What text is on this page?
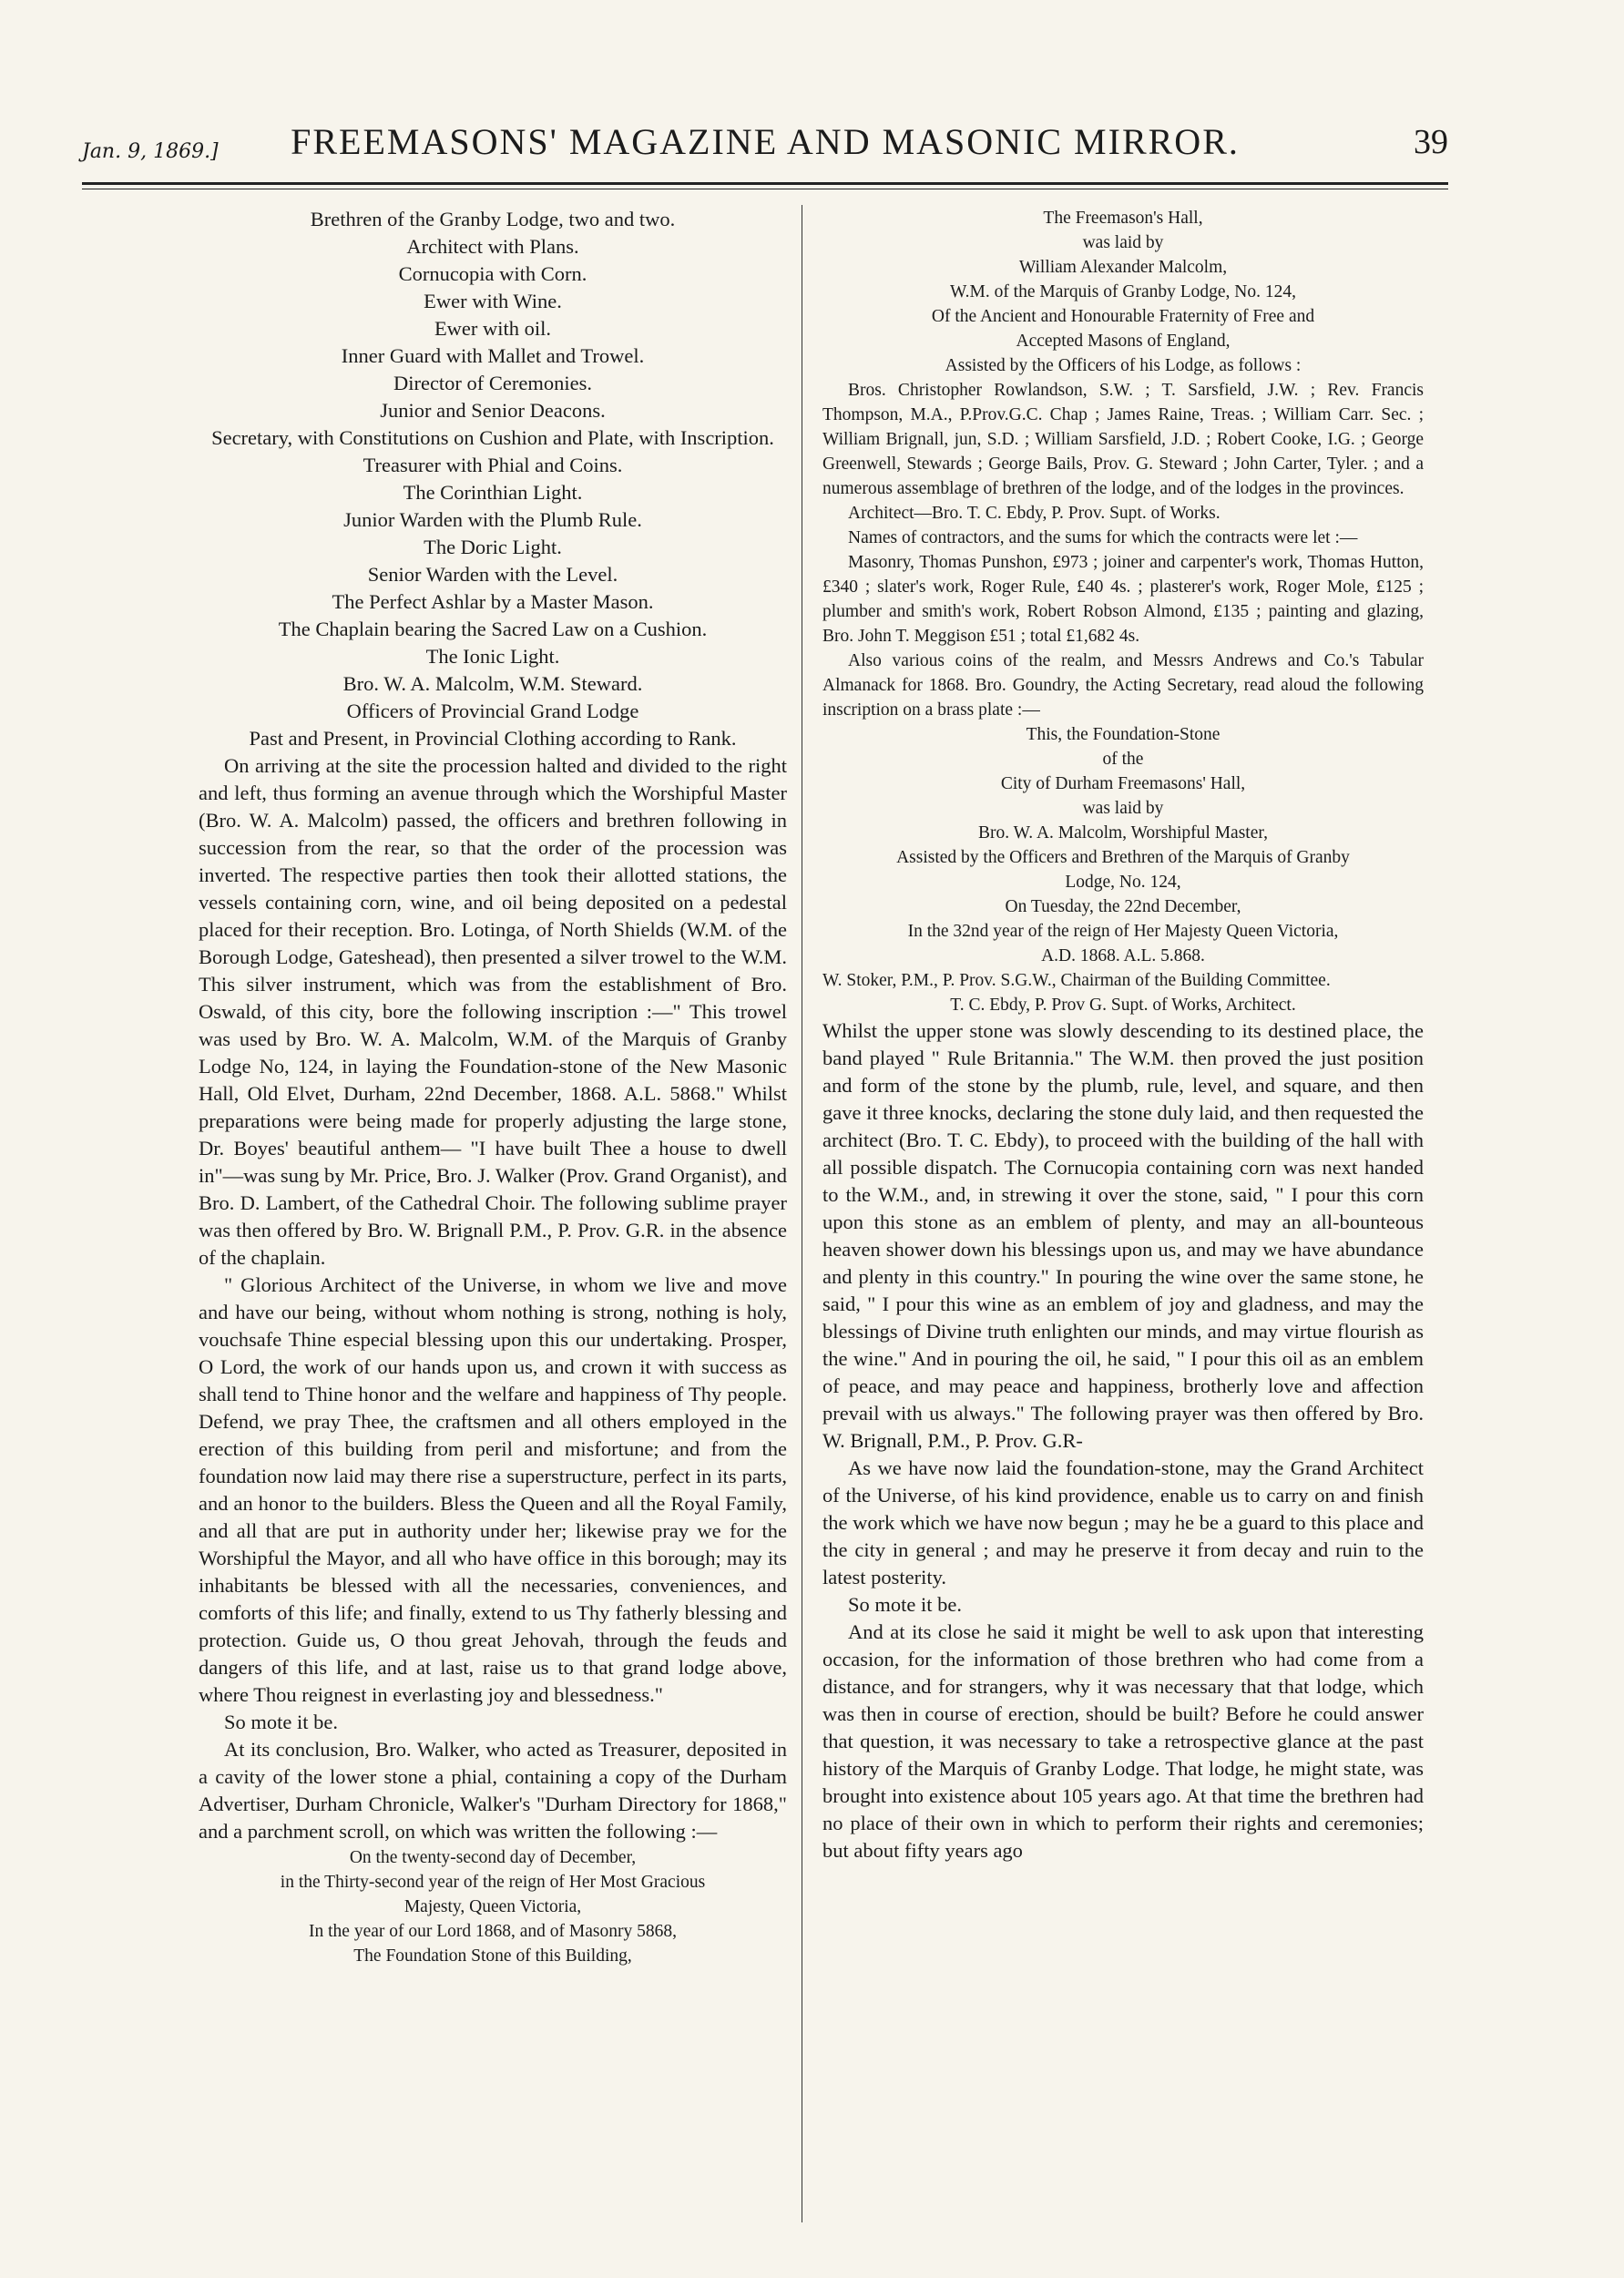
Jan. 9, 1869.]	FREEMASONS' MAGAZINE AND MASONIC MIRROR.	39

Brethren of the Granby Lodge, two and two.

Architect with Plans.

Cornucopia with Corn.

Ewer with Wine.

Ewer with oil.

Inner Guard with Mallet and Trowel.

Director of Ceremonies.

Junior and Senior Deacons.

Secretary, with Constitutions on Cushion and Plate, with Inscription.

Treasurer with Phial and Coins.

The Corinthian Light.

Junior Warden with the Plumb Rule.

The Doric Light.

Senior Warden with the Level.

The Perfect Ashlar by a Master Mason.

The Chaplain bearing the Sacred Law on a Cushion.

The Ionic Light.

Bro. W. A. Malcolm, W.M. Steward.

Officers of Provincial Grand Lodge

Past and Present, in Provincial Clothing according to Rank.

On arriving at the site the procession halted and divided to the right and left, thus forming an avenue through which the Worshipful Master (Bro. W. A. Malcolm) passed, the officers and brethren following in succession from the rear, so that the order of the procession was inverted. The respective parties then took their allotted stations, the vessels containing corn, wine, and oil being deposited on a pedestal placed for their reception. Bro. Lotinga, of North Shields (W.M. of the Borough Lodge, Gateshead), then presented a silver trowel to the W.M. This silver instrument, which was from the establishment of Bro. Oswald, of this city, bore the following inscription :—" This trowel was used by Bro. W. A. Malcolm, W.M. of the Marquis of Granby Lodge No, 124, in laying the Foundation-stone of the New Masonic Hall, Old Elvet, Durham, 22nd December, 1868. A.L. 5868." Whilst preparations were being made for properly adjusting the large stone, Dr. Boyes' beautiful anthem— "I have built Thee a house to dwell in"—was sung by Mr. Price, Bro. J. Walker (Prov. Grand Organist), and Bro. D. Lambert, of the Cathedral Choir. The following sublime prayer was then offered by Bro. W. Brignall P.M., P. Prov. G.R. in the absence of the chaplain.

" Glorious Architect of the Universe, in whom we live and move and have our being, without whom nothing is strong, nothing is holy, vouchsafe Thine especial blessing upon this our undertaking. Prosper, O Lord, the work of our hands upon us, and crown it with success as shall tend to Thine honor and the welfare and happiness of Thy people. Defend, we pray Thee, the craftsmen and all others employed in the erection of this building from peril and misfortune; and from the foundation now laid may there rise a superstructure, perfect in its parts, and an honor to the builders. Bless the Queen and all the Royal Family, and all that are put in authority under her; likewise pray we for the Worshipful the Mayor, and all who have office in this borough; may its inhabitants be blessed with all the necessaries, conveniences, and comforts of this life; and finally, extend to us Thy fatherly blessing and protection. Guide us, O thou great Jehovah, through the feuds and dangers of this life, and at last, raise us to that grand lodge above, where Thou reignest in everlasting joy and blessedness."

So mote it be.

At its conclusion, Bro. Walker, who acted as Treasurer, deposited in a cavity of the lower stone a phial, containing a copy of the Durham Advertiser, Durham Chronicle, Walker's "Durham Directory for 1868," and a parchment scroll, on which was written the following :—

On the twenty-second day of December,

in the Thirty-second year of the reign of Her Most Gracious

Majesty, Queen Victoria,

In the year of our Lord 1868, and of Masonry 5868,

The Foundation Stone of this Building,

The Freemason's Hall,

was laid by

William Alexander Malcolm,

W.M. of the Marquis of Granby Lodge, No. 124,

Of the Ancient and Honourable Fraternity of Free and

Accepted Masons of England,

Assisted by the Officers of his Lodge, as follows :

Bros. Christopher Rowlandson, S.W. ; T. Sarsfield, J.W. ; Rev. Francis Thompson, M.A., P.Prov.G.C. Chap ; James Raine, Treas. ; William Carr. Sec. ; William Brignall, jun, S.D. ; William Sarsfield, J.D. ; Robert Cooke, I.G. ; George Greenwell, Stewards ; George Bails, Prov. G. Steward ; John Carter, Tyler. ; and a numerous assemblage of brethren of the lodge, and of the lodges in the provinces.

Architect—Bro. T. C. Ebdy, P. Prov. Supt. of Works.

Names of contractors, and the sums for which the contracts were let :—

Masonry, Thomas Punshon, £973 ; joiner and carpenter's work, Thomas Hutton, £340 ; slater's work, Roger Rule, £40 4s. ; plasterer's work, Roger Mole, £125 ; plumber and smith's work, Robert Robson Almond, £135 ; painting and glazing, Bro. John T. Meggison £51 ; total £1,682 4s.

Also various coins of the realm, and Messrs Andrews and Co.'s Tabular Almanack for 1868. Bro. Goundry, the Acting Secretary, read aloud the following inscription on a brass plate :—

This, the Foundation-Stone

of the

City of Durham Freemasons' Hall,

was laid by

Bro. W. A. Malcolm, Worshipful Master,

Assisted by the Officers and Brethren of the Marquis of Granby

Lodge, No. 124,

On Tuesday, the 22nd December,

In the 32nd year of the reign of Her Majesty Queen Victoria,

A.D. 1868. A.L. 5.868.

W. Stoker, P.M., P. Prov. S.G.W., Chairman of the Building Committee.

T. C. Ebdy, P. Prov G. Supt. of Works, Architect.

Whilst the upper stone was slowly descending to its destined place, the band played " Rule Britannia." The W.M. then proved the just position and form of the stone by the plumb, rule, level, and square, and then gave it three knocks, declaring the stone duly laid, and then requested the architect (Bro. T. C. Ebdy), to proceed with the building of the hall with all possible dispatch. The Cornucopia containing corn was next handed to the W.M., and, in strewing it over the stone, said, " I pour this corn upon this stone as an emblem of plenty, and may an all-bounteous heaven shower down his blessings upon us, and may we have abundance and plenty in this country." In pouring the wine over the same stone, he said, " I pour this wine as an emblem of joy and gladness, and may the blessings of Divine truth enlighten our minds, and may virtue flourish as the wine." And in pouring the oil, he said, " I pour this oil as an emblem of peace, and may peace and happiness, brotherly love and affection prevail with us always." The following prayer was then offered by Bro. W. Brignall, P.M., P. Prov. G.R-

As we have now laid the foundation-stone, may the Grand Architect of the Universe, of his kind providence, enable us to carry on and finish the work which we have now begun ; may he be a guard to this place and the city in general ; and may he preserve it from decay and ruin to the latest posterity.

So mote it be.

And at its close he said it might be well to ask upon that interesting occasion, for the information of those brethren who had come from a distance, and for strangers, why it was necessary that that lodge, which was then in course of erection, should be built? Before he could answer that question, it was necessary to take a retrospective glance at the past history of the Marquis of Granby Lodge. That lodge, he might state, was brought into existence about 105 years ago. At that time the brethren had no place of their own in which to perform their rights and ceremonies; but about fifty years ago
